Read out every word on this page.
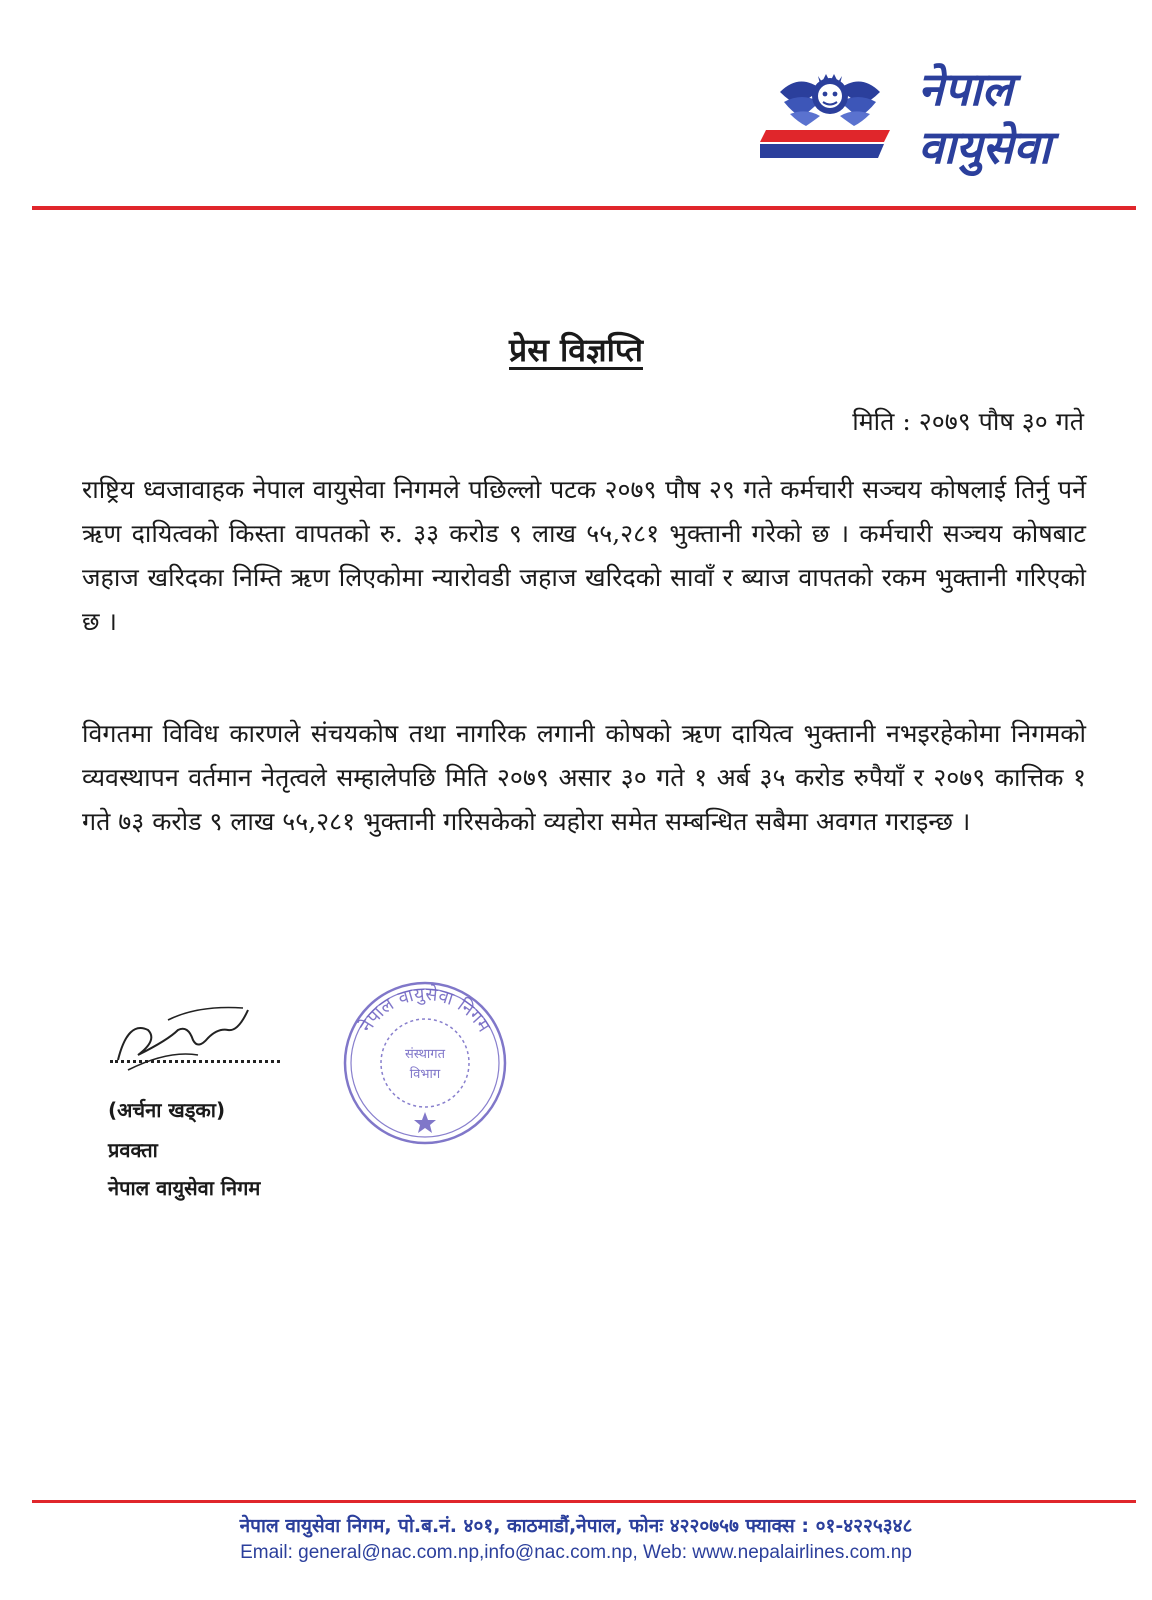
नेपाल
वायुसेवा
प्रेस विज्ञप्ति
मिति : २०७९ पौष ३० गते

राष्ट्रिय ध्वजावाहक नेपाल वायुसेवा निगमले पछिल्लो पटक २०७९ पौष २९ गते कर्मचारी सञ्चय कोषलाई तिर्नु पर्ने ऋण दायित्वको किस्ता वापतको रु. ३३ करोड ९ लाख ५५,२८१ भुक्तानी गरेको छ । कर्मचारी सञ्चय कोषबाट जहाज खरिदका निम्ति ऋण लिएकोमा न्यारोवडी जहाज खरिदको सावाँ र ब्याज वापतको रकम भुक्तानी गरिएको छ ।

विगतमा विविध कारणले संचयकोष तथा नागरिक लगानी कोषको ऋण दायित्व भुक्तानी नभइरहेकोमा निगमको व्यवस्थापन वर्तमान नेतृत्वले सम्हालेपछि मिति २०७९ असार ३० गते १ अर्ब ३५ करोड रुपैयाँ र २०७९ कात्तिक १ गते ७३ करोड ९ लाख ५५,२८१ भुक्तानी गरिसकेको व्यहोरा समेत सम्बन्धित सबैमा अवगत गराइन्छ ।

(अर्चना खड्का)
प्रवक्ता
नेपाल वायुसेवा निगम
नेपाल वायुसेवा निगम
संस्थागत
विभाग
नेपाल वायुसेवा निगम, पो.ब.नं. ४०१, काठमाडौं,नेपाल, फोनः ४२२०७५७ फ्याक्स : ०१-४२२५३४८
Email: general@nac.com.np,info@nac.com.np, Web: www.nepalairlines.com.np
